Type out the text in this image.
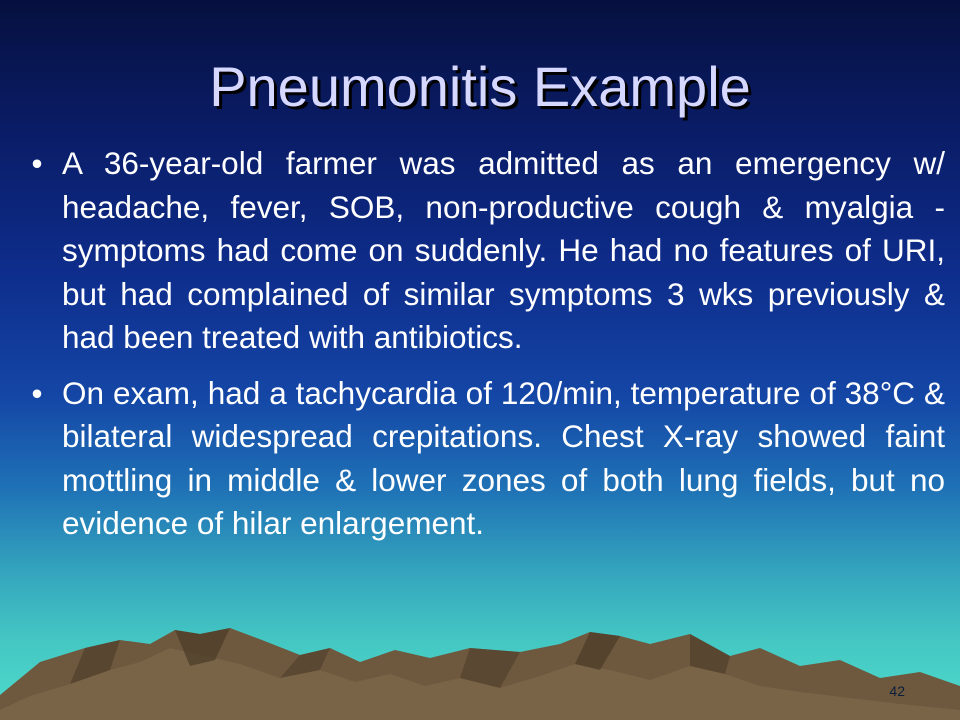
Pneumonitis Example
• A 36-year-old farmer was admitted as an emergency w/ headache, fever, SOB, non-productive cough & myalgia -symptoms had come on suddenly. He had no features of URI, but had complained of similar symptoms 3 wks previously & had been treated with antibiotics.
• On exam, had a tachycardia of 120/min, temperature of 38°C & bilateral widespread crepitations. Chest X-ray showed faint mottling in middle & lower zones of both lung fields, but no evidence of hilar enlargement.
42
